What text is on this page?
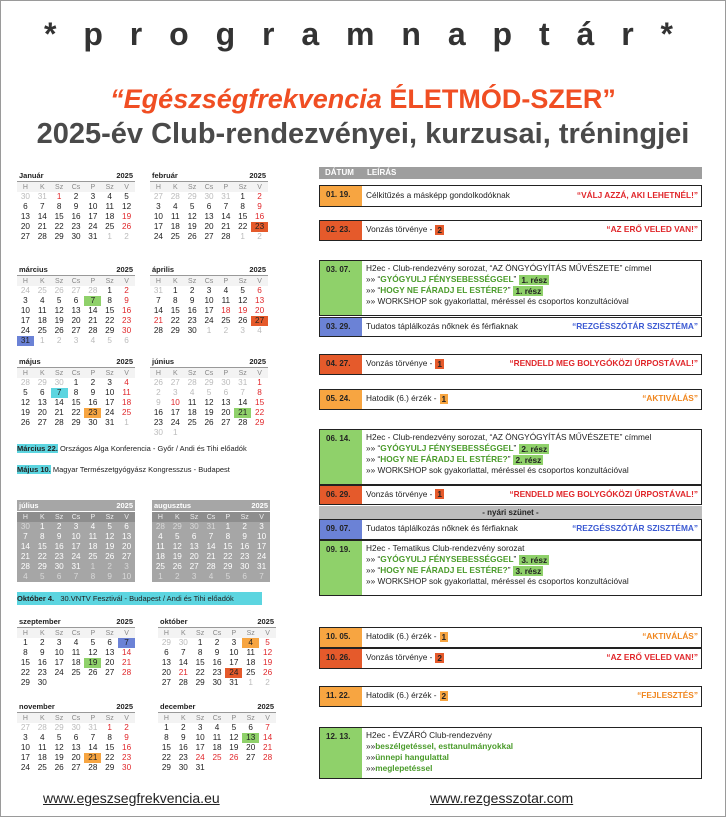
* p r o g r a m n a p t á r *
“Egészségfrekvencia ÉLETMÓD-SZER”
2025-év Club-rendezvényei, kurzusai, tréningjei
Január	2025
H	K	Sz	Cs	P	Sz	V
30 31	1	2	3	4	5
6	7	8	9	10 11 12
13 14 15 16 17 18 19
20 21 22 23 24 25 26
27 28 29 30 31	1	2
február	2025
H	K	Sz	Cs	P	Sz	V
27 28 29 30 31	1	2
3	4	5	6	7	8	9
10 11 12 13 14 15 16
17 18 19 20 21 22 23
24 25 26 27 28	1	2
március	2025
H	K	Sz	Cs	P	Sz	V
24 25 26 27 28	1	2
3	4	5	6	7	8	9
10 11 12 13 14 15 16
17 18 19 20 21 22 23
24 25 26 27 28 29 30
31	1	2	3	4	5	6
április	2025
H	K	Sz	Cs	P	Sz	V
31	1	2	3	4	5	6
7	8	9	10 11 12 13
14 15 16 17 18 19 20
21 22 23 24 25 26 27
28 29 30	1	2	3	4
május	2025
H	K	Sz	Cs	P	Sz	V
28 29 30	1	2	3	4
5	6	7	8	9	10 11
12 13 14 15 16 17 18
19 20 21 22 23 24 25
26 27 28 29 30 31	1
június	2025
H	K	Sz	Cs	P	Sz	V
26 27 28 29 30 31	1
2	3	4	5	6	7	8
9	10 11 12 13 14 15
16 17 18 19 20 21 22
23 24 25 26 27 28 29
30	1
július	2025
H	K	Sz	Cs	P	Sz	V
30	1	2	3	4	5	6
7	8	9	10 11 12 13
14 15 16 17 18 19 20
21 22 23 24 25 26 27
28 29 30 31	1	2	3
4	5	6	7	8	9	10
augusztus	2025
H	K	Sz	Cs	P	Sz	V
28 29 30 31	1	2	3
4	5	6	7	8	9	10
11 12 13 14 15 16 17
18 19 20 21 22 23 24
25 26 27 28 29 30 31
1	2	3	4	5	6	7
szeptember	2025
H	K	Sz	Cs	P	Sz	V
1	2	3	4	5	6	7
8	9	10 11 12 13 14
15 16 17 18 19 20 21
22 23 24 25 26 27 28
29 30
október	2025
H	K	Sz	Cs	P	Sz	V
29 30	1	2	3	4	5
6	7	8	9	10 11 12
13 14 15 16 17 18 19
20 21 22 23 24 25 26
27 28 29 30 31	1	2
november	2025
H	K	Sz	Cs	P	Sz	V
27 28 29 30 31	1	2
3	4	5	6	7	8	9
10 11 12 13 14 15 16
17 18 19 20 21 22 23
24 25 26 27 28 29 30
december	2025
H	K	Sz	Cs	P	Sz	V
1	2	3	4	5	6	7
8	9	10 11 12 13 14
15 16 17 18 19 20 21
22 23 24 25 26 27 28
29 30 31
Március 22. Országos Alga Konferencia - Győr / Andi és Tihi előadók
Május 10. Magyar Természetgyógyász Kongresszus - Budapest
Október 4. 30.VNTV Fesztivál - Budapest / Andi és Tihi előadók
DÁTUM LEÍRÁS
01. 19.	Célkitűzés a másképp gondolkodóknak	“VÁLJ AZZÁ, AKI LEHETNÉL!”
02. 23.	Vonzás törvénye - 2	“AZ ERŐ VELED VAN!”
03. 07.	H2ec - Club-rendezvény sorozat, “AZ ÖNGYÓGYÍTÁS MŰVÉSZETE” címmel
»» “ GYÓGYULJ FÉNYSEBESSÉGGEL ” 1. rész
»» “ HOGY NE FÁRADJ EL ESTÉRE? ” 1. rész
»» WORKSHOP sok gyakorlattal, méréssel és csoportos konzultációval
03. 29.	Tudatos táplálkozás nőknek és férfiaknak	“REZGÉSSZÓTÁR SZISZTÉMA”
04. 27.	Vonzás törvénye - 1	“RENDELD MEG BOLYGÓKÖZI ŰRPOSTÁVAL!”
05. 24.	Hatodik (6.) érzék - 1	“AKTIVÁLÁS”
06. 14.	H2ec - Club-rendezvény sorozat, “AZ ÖNGYÓGYÍTÁS MŰVÉSZETE” címmel
»» “ GYÓGYULJ FÉNYSEBESSÉGGEL ” 2. rész
»» “ HOGY NE FÁRADJ EL ESTÉRE? ” 2. rész
»» WORKSHOP sok gyakorlattal, méréssel és csoportos konzultációval
06. 29.	Vonzás törvénye - 1	“RENDELD MEG BOLYGÓKÖZI ŰRPOSTÁVAL!”
09. 07.	Tudatos táplálkozás nőknek és férfiaknak	“REZGÉSSZÓTÁR SZISZTÉMA”
09. 19.	H2ec - Tematikus Club-rendezvény sorozat
»» “ GYÓGYULJ FÉNYSEBESSÉGGEL ” 3. rész
»» “ HOGY NE FÁRADJ EL ESTÉRE? ” 3. rész
»» WORKSHOP sok gyakorlattal, méréssel és csoportos konzultációval
10. 05.	Hatodik (6.) érzék - 1	“AKTIVÁLÁS”
10. 26.	Vonzás törvénye - 2	“AZ ERŐ VELED VAN!”
11. 22.	Hatodik (6.) érzék - 2	“FEJLESZTÉS”
12. 13.	H2ec - ÉVZÁRÓ Club-rendezvény
»» beszélgetéssel, esttanulmányokkal
»» ünnepi hangulattal
»» meglepetéssel
- nyári szünet -
www.egeszsegfrekvencia.eu	www.rezgesszotar.com
